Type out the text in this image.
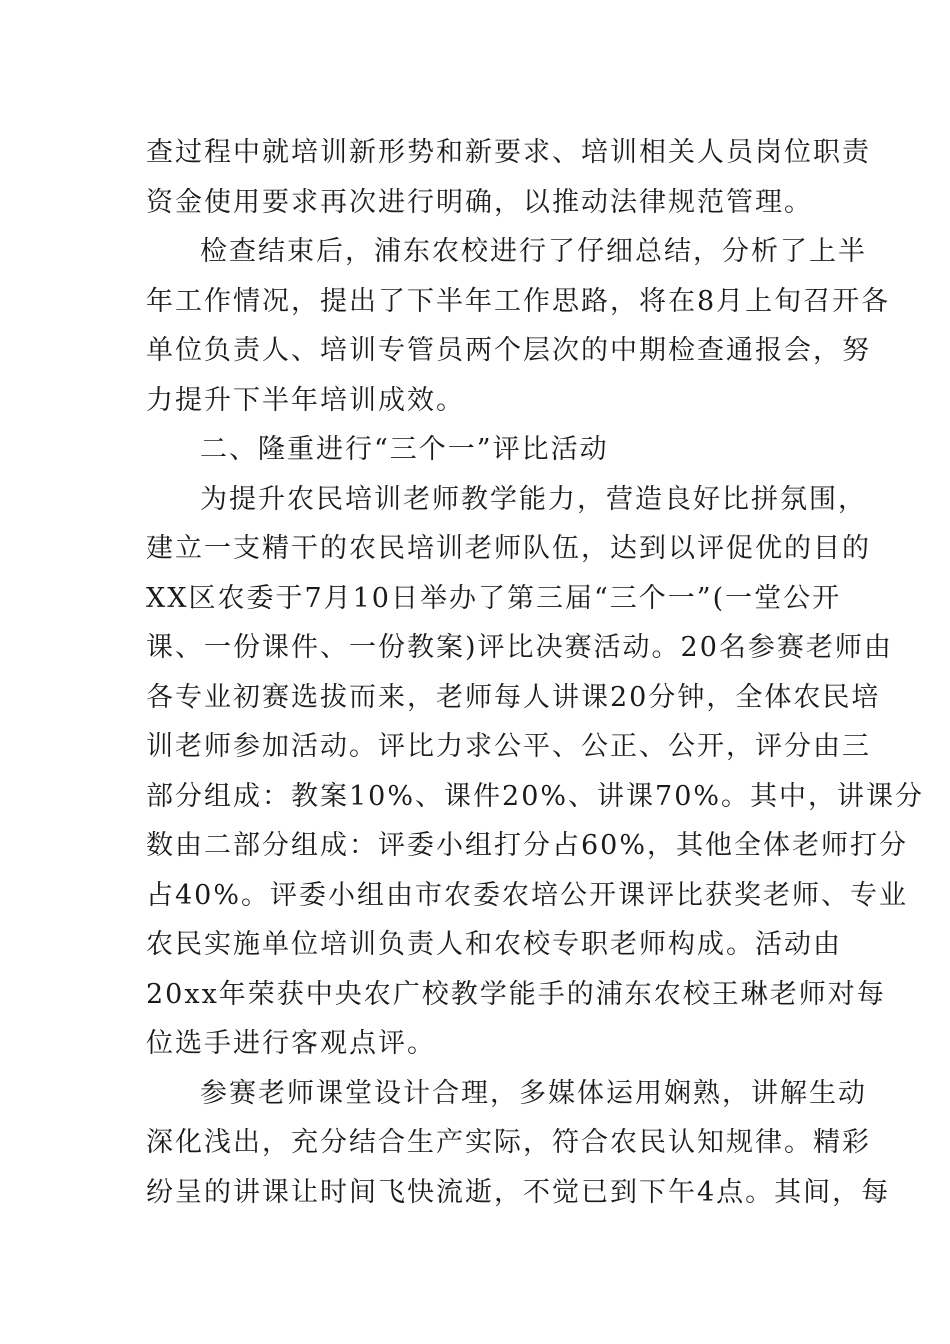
查过程中就培训新形势和新要求、培训相关人员岗位职责
资金使用要求再次进行明确，以推动法律规范管理。
检查结束后，浦东农校进行了仔细总结，分析了上半
年工作情况，提出了下半年工作思路，将在8月上旬召开各
单位负责人、培训专管员两个层次的中期检查通报会，努
力提升下半年培训成效。
二、隆重进行“三个一”评比活动
为提升农民培训老师教学能力，营造良好比拼氛围，
建立一支精干的农民培训老师队伍，达到以评促优的目的
XX区农委于7月10日举办了第三届“三个一”(一堂公开
课、一份课件、一份教案)评比决赛活动。20名参赛老师由
各专业初赛选拔而来，老师每人讲课20分钟，全体农民培
训老师参加活动。评比力求公平、公正、公开，评分由三
部分组成：教案10%、课件20%、讲课70%。其中，讲课分
数由二部分组成：评委小组打分占60%，其他全体老师打分
占40%。评委小组由市农委农培公开课评比获奖老师、专业
农民实施单位培训负责人和农校专职老师构成。活动由
20xx年荣获中央农广校教学能手的浦东农校王琳老师对每
位选手进行客观点评。
参赛老师课堂设计合理，多媒体运用娴熟，讲解生动
深化浅出，充分结合生产实际，符合农民认知规律。精彩
纷呈的讲课让时间飞快流逝，不觉已到下午4点。其间，每
